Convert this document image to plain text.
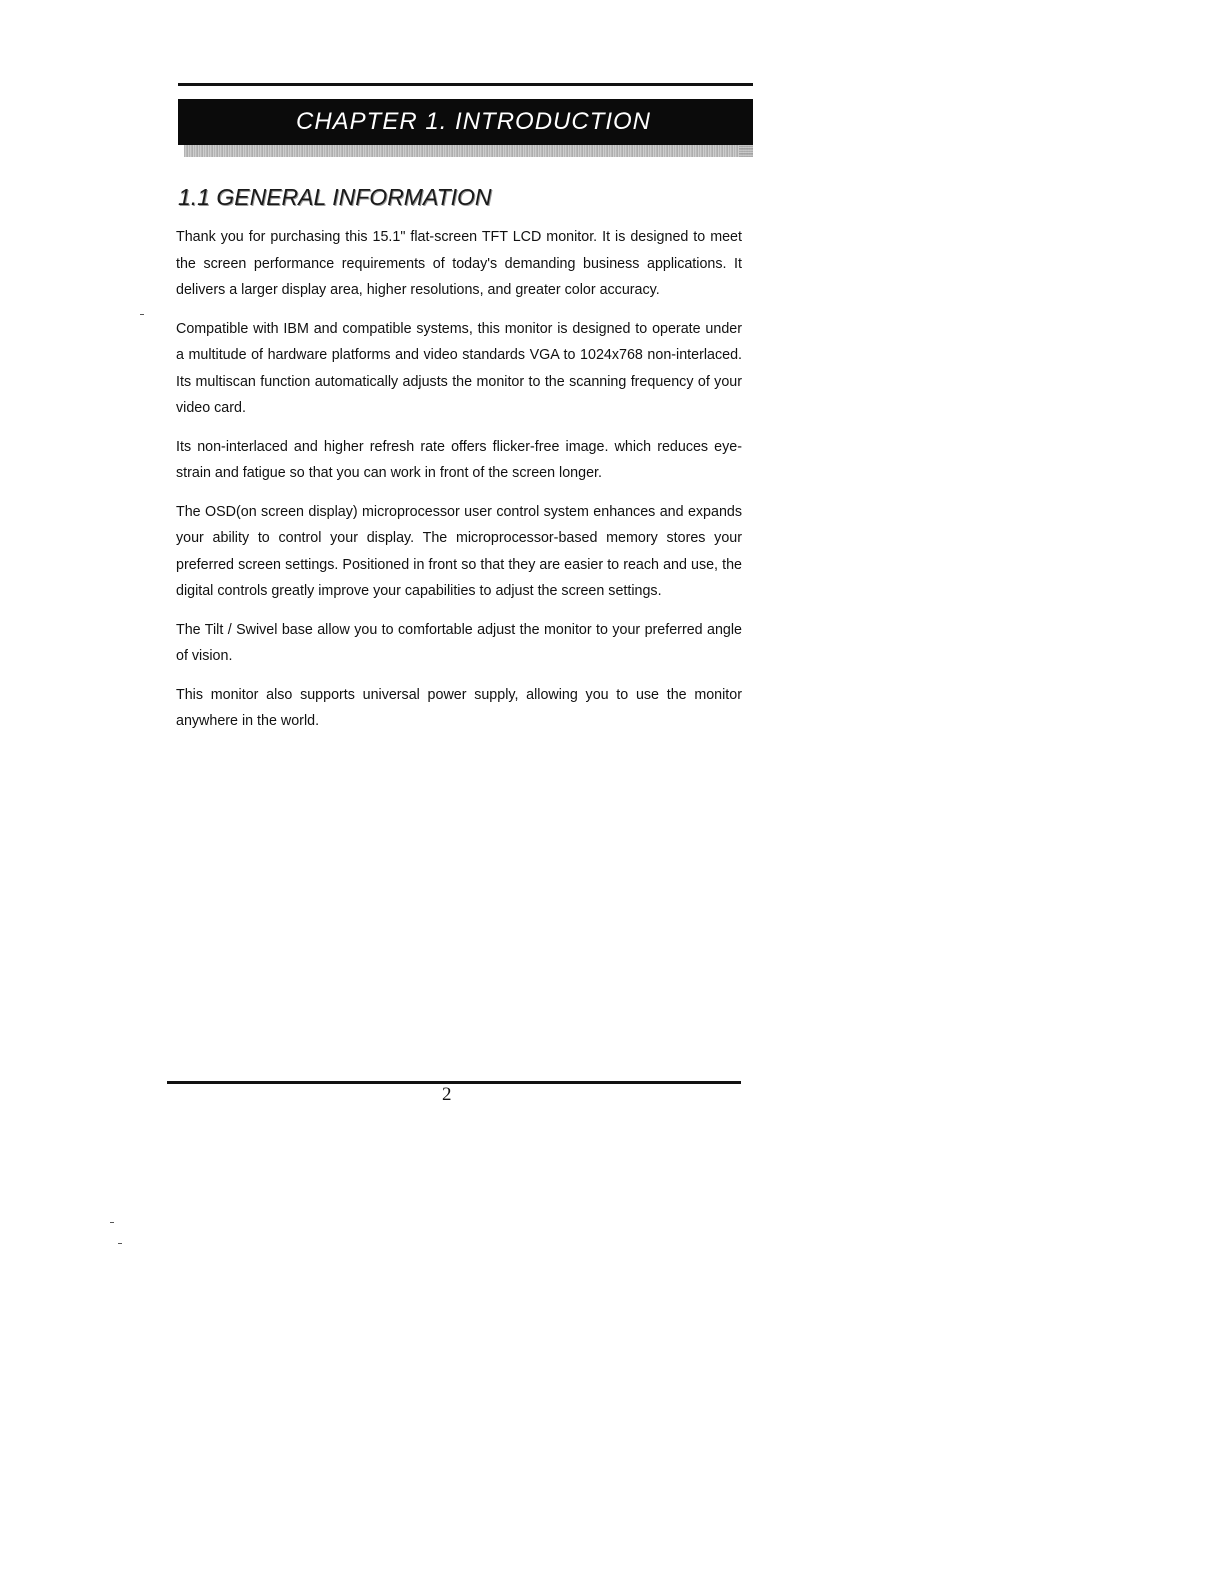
CHAPTER 1. INTRODUCTION
1.1 GENERAL INFORMATION

Thank you for purchasing this 15.1" flat-screen TFT LCD monitor. It is designed to meet the screen performance requirements of today's demanding business applications. It delivers a larger display area, higher resolutions, and greater color accuracy.

Compatible with IBM and compatible systems, this monitor is designed to operate under a multitude of hardware platforms and video standards VGA to 1024x768 non-interlaced. Its multiscan function automatically adjusts the monitor to the scanning frequency of your video card.

Its non-interlaced and higher refresh rate offers flicker-free image. which reduces eye-strain and fatigue so that you can work in front of the screen longer.

The OSD(on screen display) microprocessor user control system enhances and expands your ability to control your display. The microprocessor-based memory stores your preferred screen settings. Positioned in front so that they are easier to reach and use, the digital controls greatly improve your capabilities to adjust the screen settings.

The Tilt / Swivel base allow you to comfortable adjust the monitor to your preferred angle of vision.

This monitor also supports universal power supply, allowing you to use the monitor anywhere in the world.

2
